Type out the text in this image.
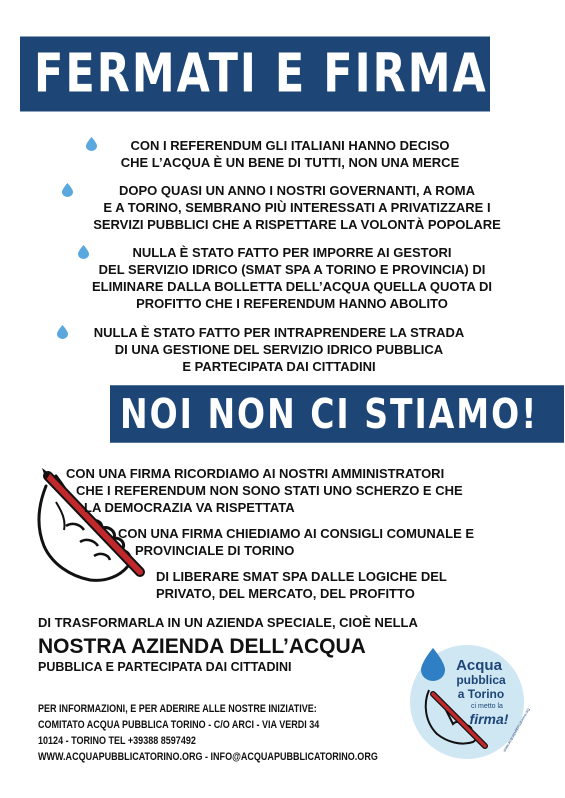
FERMATI E FIRMA!
CON I REFERENDUM GLI ITALIANI HANNO DECISO
CHE L’ACQUA È UN BENE DI TUTTI, NON UNA MERCE
DOPO QUASI UN ANNO I NOSTRI GOVERNANTI, A ROMA
E A TORINO, SEMBRANO PIÙ INTERESSATI A PRIVATIZZARE I
SERVIZI PUBBLICI CHE A RISPETTARE LA VOLONTÀ POPOLARE
NULLA È STATO FATTO PER IMPORRE AI GESTORI
DEL SERVIZIO IDRICO (SMAT SPA A TORINO E PROVINCIA) DI
ELIMINARE DALLA BOLLETTA DELL’ACQUA QUELLA QUOTA DI
PROFITTO CHE I REFERENDUM HANNO ABOLITO
NULLA È STATO FATTO PER INTRAPRENDERE LA STRADA
DI UNA GESTIONE DEL SERVIZIO IDRICO PUBBLICA
E PARTECIPATA DAI CITTADINI
NOI NON CI STIAMO!
CON UNA FIRMA RICORDIAMO AI NOSTRI AMMINISTRATORI
CHE I REFERENDUM NON SONO STATI UNO SCHERZO E CHE
LA DEMOCRAZIA VA RISPETTATA
CON UNA FIRMA CHIEDIAMO AI CONSIGLI COMUNALE E
PROVINCIALE DI TORINO
DI LIBERARE SMAT SPA DALLE LOGICHE DEL
PRIVATO, DEL MERCATO, DEL PROFITTO
DI TRASFORMARLA IN UN AZIENDA SPECIALE, CIOÈ NELLA
NOSTRA AZIENDA DELL’ACQUA
PUBBLICA E PARTECIPATA DAI CITTADINI
PER INFORMAZIONI, E PER ADERIRE ALLE NOSTRE INIZIATIVE:
COMITATO ACQUA PUBBLICA TORINO - C/O ARCI - VIA VERDI 34
10124 - TORINO TEL +39388 8597492
WWW.ACQUAPUBBLICATORINO.ORG - INFO@ACQUAPUBBLICATORINO.ORG
Acqua
pubblica
a Torino
ci metto la
firma!
www.acquapubblicatorino.org
